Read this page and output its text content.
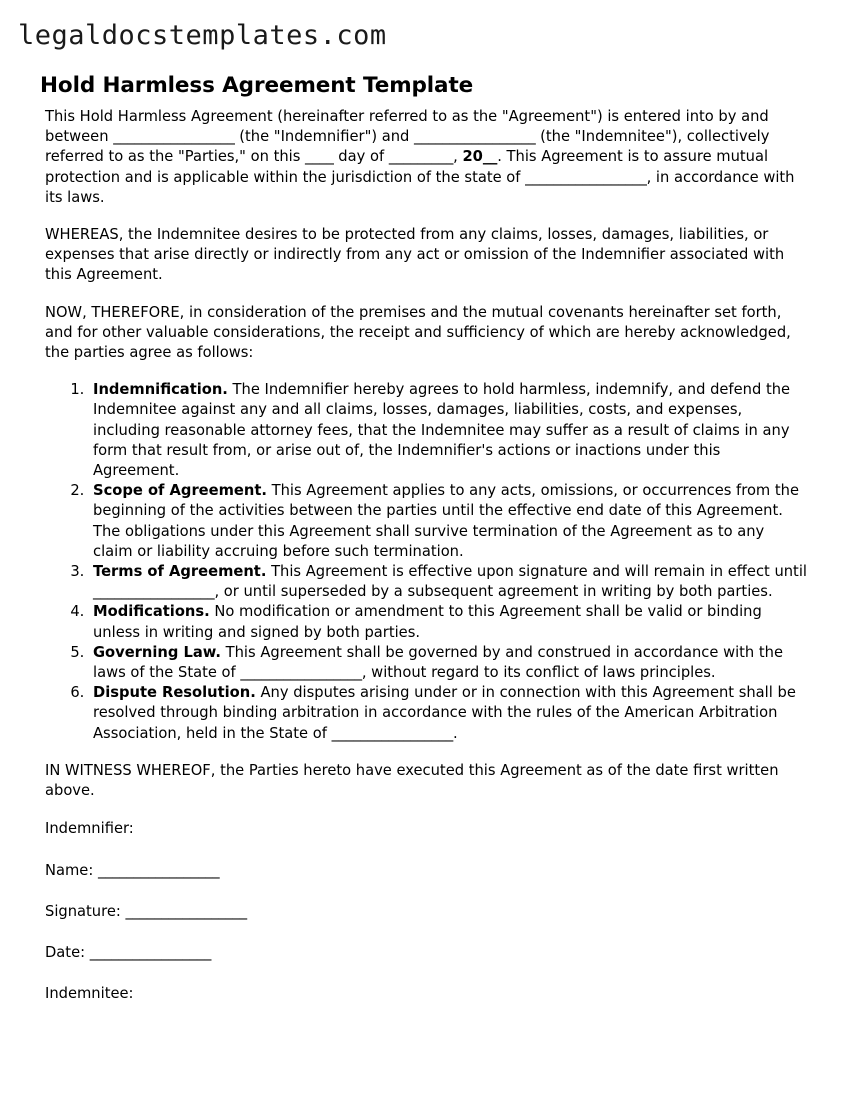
legaldocstemplates.com
Hold Harmless Agreement Template

This Hold Harmless Agreement (hereinafter referred to as the "Agreement") is entered into by and between _________________ (the "Indemnifier") and _________________ (the "Indemnitee"), collectively referred to as the "Parties," on this ____ day of _________, 20__. This Agreement is to assure mutual protection and is applicable within the jurisdiction of the state of _________________, in accordance with its laws.

WHEREAS, the Indemnitee desires to be protected from any claims, losses, damages, liabilities, or expenses that arise directly or indirectly from any act or omission of the Indemnifier associated with this Agreement.

NOW, THEREFORE, in consideration of the premises and the mutual covenants hereinafter set forth, and for other valuable considerations, the receipt and sufficiency of which are hereby acknowledged, the parties agree as follows:

1. Indemnification. The Indemnifier hereby agrees to hold harmless, indemnify, and defend the Indemnitee against any and all claims, losses, damages, liabilities, costs, and expenses, including reasonable attorney fees, that the Indemnitee may suffer as a result of claims in any form that result from, or arise out of, the Indemnifier's actions or inactions under this Agreement.
2. Scope of Agreement. This Agreement applies to any acts, omissions, or occurrences from the beginning of the activities between the parties until the effective end date of this Agreement. The obligations under this Agreement shall survive termination of the Agreement as to any claim or liability accruing before such termination.
3. Terms of Agreement. This Agreement is effective upon signature and will remain in effect until _________________, or until superseded by a subsequent agreement in writing by both parties.
4. Modifications. No modification or amendment to this Agreement shall be valid or binding unless in writing and signed by both parties.
5. Governing Law. This Agreement shall be governed by and construed in accordance with the laws of the State of _________________, without regard to its conflict of laws principles.
6. Dispute Resolution. Any disputes arising under or in connection with this Agreement shall be resolved through binding arbitration in accordance with the rules of the American Arbitration Association, held in the State of _________________.

IN WITNESS WHEREOF, the Parties hereto have executed this Agreement as of the date first written above.

Indemnifier:
Name: _________________
Signature: _________________
Date: _________________
Indemnitee:
